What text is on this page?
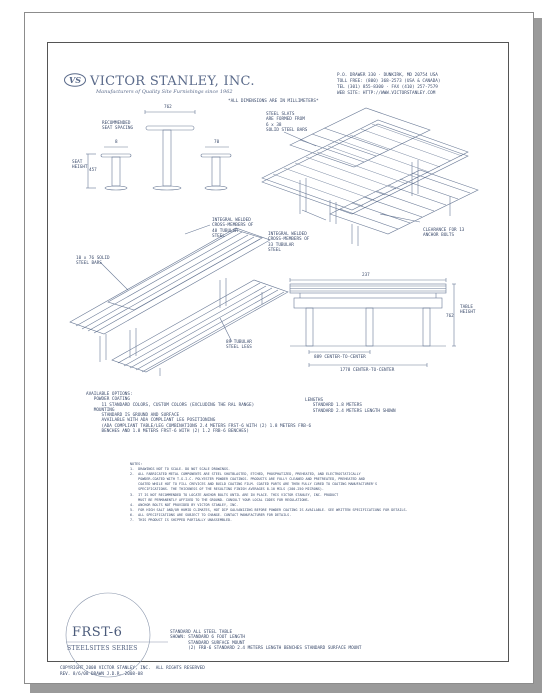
VS VICTOR STANLEY, INC.
Manufacturers of Quality Site Furnishings since 1962
P.O. DRAWER 330 · DUNKIRK, MD 20754 USA
TOLL FREE: (800) 368-2573 (USA & CANADA)
TEL (301) 855-8300 · FAX (410) 257-7579
WEB SITE: HTTP://WWW.VICTORSTANLEY.COM
*ALL DIMENSIONS ARE IN MILLIMETERS*
762
RECOMMENDED
SEAT SPACING
8	70
SEAT
HEIGHT
457
STEEL SLATS
ARE FORMED FROM
6 x 38
SOLID STEEL BARS
INTEGRAL WELDED
CROSS-MEMBERS OF
33 TUBULAR
STEEL
CLEARANCE FOR 13
ANCHOR BOLTS
INTEGRAL WELDED
CROSS-MEMBERS OF
48 TUBULAR
STEEL
10 x 76 SOLID
STEEL BARS
89 TUBULAR
STEEL LEGS
237
TABLE
HEIGHT
762
889 CENTER-TO-CENTER
1778 CENTER-TO-CENTER
AVAILABLE OPTIONS:
POWDER COATING
11 STANDARD COLORS, CUSTOM COLORS (EXCLUDING THE RAL RANGE)
MOUNTING
STANDARD IS GROUND AND SURFACE
AVAILABLE WITH ADA COMPLIANT LEG POSITIONING
(ADA COMPLIANT TABLE/LEG COMBINATIONS 2.4 METERS FRST-6 WITH (2) 1.8 METERS FRB-6
BENCHES AND 1.8 METERS FRST-6 WITH (2) 1.2 FRB-6 BENCHES)
LENGTHS
STANDARD 1.8 METERS
STANDARD 2.4 METERS LENGTH SHOWN
NOTES:
1.  DRAWINGS NOT TO SCALE. DO NOT SCALE DRAWINGS.
2.  ALL FABRICATED METAL COMPONENTS ARE STEEL SHOTBLASTED, ETCHED, PHOSPHATIZED, PREHEATED, AND ELECTROSTATICALLY
POWDER-COATED WITH T.G.I.C. POLYESTER POWDER COATINGS. PRODUCTS ARE FULLY CLEANED AND PRETREATED, PREHEATED AND
COATED WHILE HOT TO FILL CREVICES AND BUILD COATING FILM. COATED PARTS ARE THEN FULLY CURED TO COATING MANUFACTURER'S
SPECIFICATIONS. THE THICKNESS OF THE RESULTING FINISH AVERAGES 8-10 MILS (200-250 MICRONS).
3.  IT IS NOT RECOMMENDED TO LOCATE ANCHOR BOLTS UNTIL ARE IN PLACE. THIS VICTOR STANLEY, INC. PRODUCT
MUST BE PERMANENTLY AFFIXED TO THE GROUND. CONSULT YOUR LOCAL CODES FOR REGULATIONS.
4.  ANCHOR BOLTS NOT PROVIDED BY VICTOR STANLEY, INC.
5.  FOR HIGH SALT AND/OR HUMID CLIMATES, HOT DIP GALVANIZING BEFORE POWDER COATING IS AVAILABLE. SEE WRITTEN SPECIFICATIONS FOR DETAILS.
6.  ALL SPECIFICATIONS ARE SUBJECT TO CHANGE. CONTACT MANUFACTURER FOR DETAILS.
7.  THIS PRODUCT IS SHIPPED PARTIALLY UNASSEMBLED.
FRST-6
STEELSITES SERIES
STANDARD ALL STEEL TABLE
SHOWN: STANDARD 6 FOOT LENGTH
STANDARD SURFACE MOUNT
(2) FRB-6 STANDARD 2.4 METERS LENGTH BENCHES STANDARD SURFACE MOUNT
COPYRIGHT 2008 VICTOR STANLEY, INC.  ALL RIGHTS RESERVED
REV. 8/6/08 DRAWN J.D.R. 2008-08
